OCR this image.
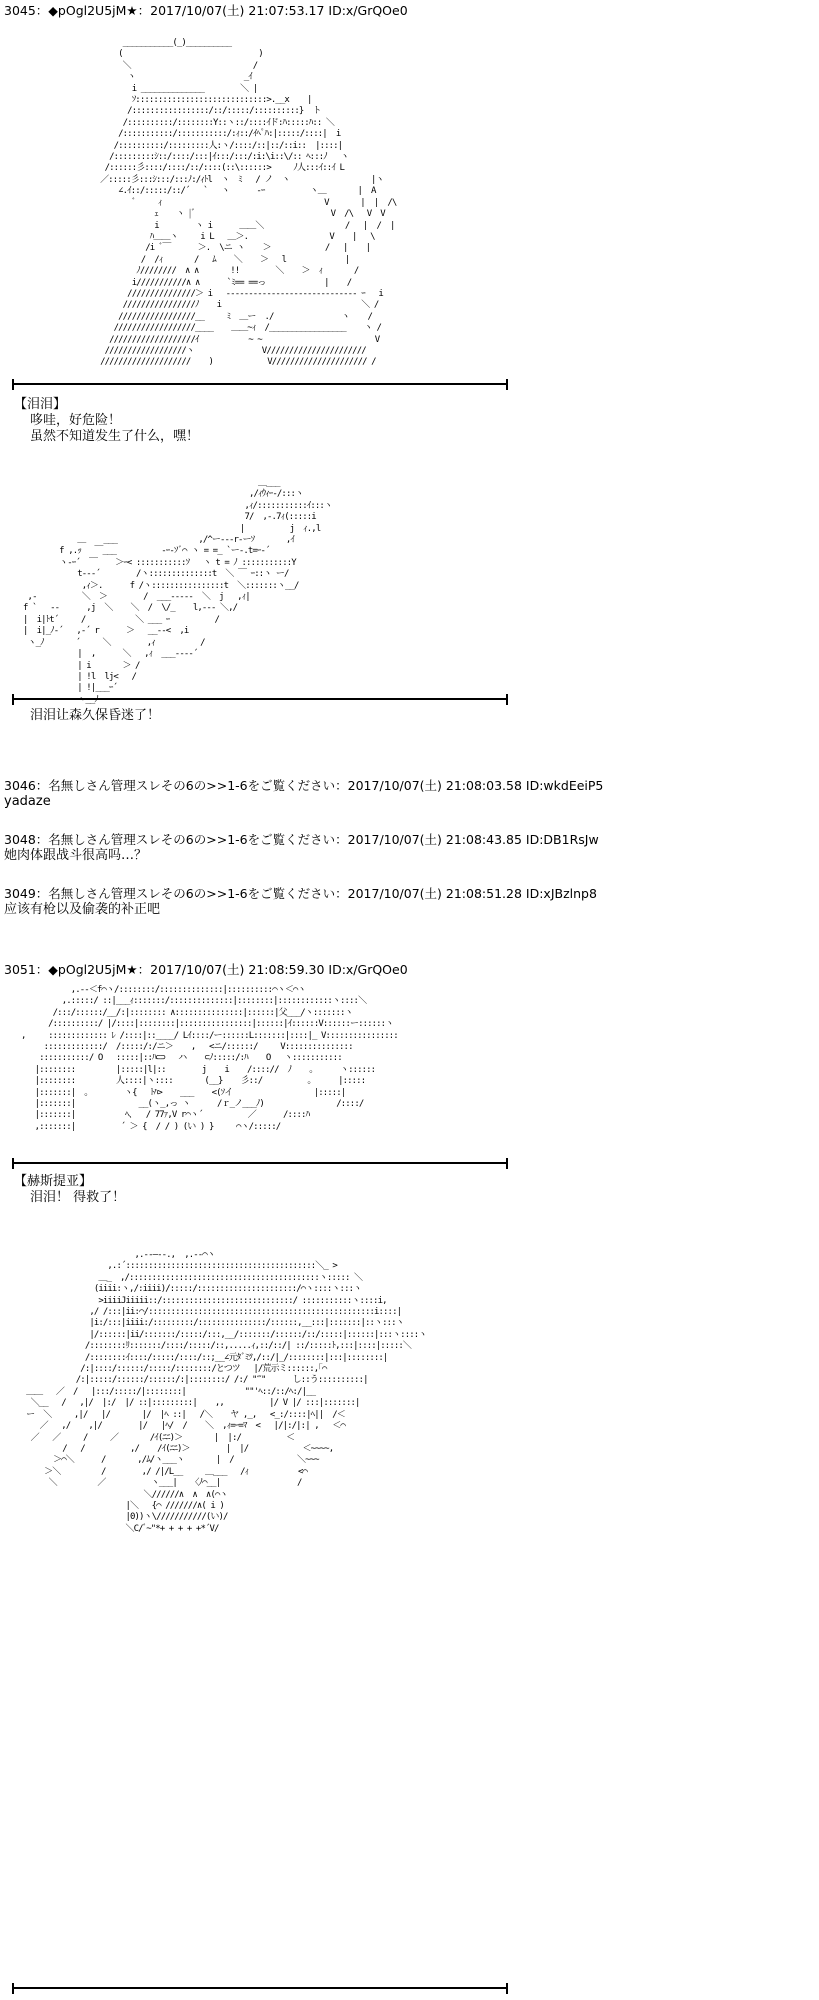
3045：◆pOgl2U5jM★：2017/10/07(土) 21:07:53.17 ID:x/GrQOe0
___________(_)__________
(                              )
＼                           /
ヽ                        _ｲ
i ______________        ＼ |
ｿ:::::::::::::::::::::::::::::>.__x    |
/:::::::::::::::::/::/:::::/::::::::::}  ト
/::::::::::/::::::::Y::ヽ::/::::ｲド:ﾊ:::::ﾊ:: ＼
/:::::::::::/:::::::::::/:ｨ::/ｲﾍﾟﾊ:|:::::/::::|  i
/::::::::::/:::::::::人:ヽ/::::/::|::/::i::  |::::|
/:::::::::ｼ::/::::/:::|ｲ:::/:::/:i:\i::\/:: ﾍ:::ﾉ   ヽ
/::::::彡::::/::::/::/::::(::\::::::>     ﾉ人:::ｲ::ｲ L
／:::::彡:::ｼ:::/:::ﾉ:/ｨﾄl  ヽ  ﾐ   / ノ  ヽ                  |ヽ
∠.ｲ::/:::::/::/´   `   ヽ      -ｰ          ヽ＿       |  A
ﾞ     ｨ                                    V       |  |  /\
ｪ    ヽ |ﾞ                              V  /\   V  V
i        ヽ i      ＿＿＼                  /   |  /  |
ﾊ＿＿ヽ     i L   ＿＞.                  V    |   \
/i ﾞ￣      ＞.  \ニ ヽ    ＞            /   |    |
/  /ｨ       /   ﾑ    ＼    ＞   l             |
ﾉ////////  ∧ ∧       !!        ＼    ＞  ｨ       /
i///////////∧ ∧      `ﾐ== ==っ             |    /
///////////////＞ i   ----------------------------- ｰ   i
////////////////ﾉ    i                               ＼ /
/////////////////__     ﾐ  ＿ー  ./               ヽ    /
//////////////////____    ＿＿~ｨ  /_________________    ヽ /
///////////////////ｲ           ~ ~                         V
//////////////////ヽ               V//////////////////////
////////////////////    )            V///////////////////// /
【泪泪】
哆哇，好危险！
虽然不知道发生了什么，嘿！
＿___
,/ｨｳｨｰ-/:::ヽ
,ｨ/:::::::::::ｲ:::ヽ
7/  ,-.7ｨ(:::::i
|          j  ｨ.,l
＿    ___                  ,/^ー---r-ーｿ       ,ｲ
f ,.ｯ   ￣___          -ｰ-ｿﾞ⌒ ヽ = =_ `ー-.t=ｰ-´
ヽ-ｰ´  ￣    ＞ｰ< :::::::::::ｿ   ヽ t = ﾉ :::::::::::Y
t---´        /ヽ::::::::::::::t  ＼ ￣ ｰ::ヽ ー/
,ｨ＞.      f /ヽ::::::::::::::::t  ＼:::::::ヽ__/
,-          ＼  ＞        /  ___-----  ＼  j   ,ｨ|
f `   --      ,j  ＼    ＼  /  \/_    l,--- ＼,/
|  i|ﾄt´     /           ＼ ___ ｰ          /
|  i|_ﾉ-´   ,-´ r      ＞   __--<  ,i
ヽ_ﾉ       ´     ＼        ,ｨ          /
|  ,      ＼   ,ｨ  ___----´
| i       ＞ /
| !l  lj<   /
| !|___ｰ´
ヽ__ﾉ
泪泪让森久保昏迷了！
3046：名無しさん管理スレその6の>>1-6をご覧ください：2017/10/07(土) 21:08:03.58 ID:wkdEeiP5
yadaze
3048：名無しさん管理スレその6の>>1-6をご覧ください：2017/10/07(土) 21:08:43.85 ID:DB1RsJw
她肉体跟战斗很高吗…？
3049：名無しさん管理スレその6の>>1-6をご覧ください：2017/10/07(土) 21:08:51.28 ID:xJBzlnp8
应该有枪以及偷袭的补正吧
3051：◆pOgl2U5jM★：2017/10/07(土) 21:08:59.30 ID:x/GrQOe0
,.--＜f⌒ヽ/::::::::/::::::::::::::|::::::::::⌒ヽ＜⌒ヽ
,.:::::/ ::|___ｨ:::::::/::::::::::::::|::::::::|::::::::::::ヽ::::＼
/:::/::::::/__/:|:::::::: ∧:::::::::::::::|::::::|父___/ヽ:::::::ヽ
/::::::::::/ |/::::|::::::::|::::::::::::::::|::::::|ｲ::::::V::::::ー::::::ヽ
,     ::::::::::::: ﾚ /::::|::____/ Lｲ::::/ー::::::L:::::::|::::|_ V::::::::::::::::
:::::::::::::/  /:::::/:/ニ＞    ,   <ニ/::::::/     V:::::::::::::::
:::::::::::/ O   :::::|::ﾊ⊂⊃   ハ    ⊂ﾉ:::::/:ﾊ    O   ヽ:::::::::::
|::::::::         |:::::|l|::        j    i    /:::://  ﾉ    。     ヽ::::::
|::::::::         人::::|ヽ::::       (__}    彡::/          。     |:::::
|:::::::|  。       ヽ{   ﾄﾊ>    ___    <(ｿイ                  |:::::|
|:::::::|              __(ヽ_,っ ヽ      /ｒ_ノ___ﾉ)                /::::/
|:::::::|           ﾍ、  / 77ｧ,V r⌒ヽ´          ／      /::::ﾊ
,:::::::|          ´ ＞ {  / / ) (い ) }     ⌒ヽ/:::::/
【赫斯提亚】
泪泪！ 得救了！
,.--―--.,  ,.--⌒ヽ
,.:´::::::::::::::::::::::::::::::::::::::::::＼_ >
＿_  ,/::::::::::::::::::::::::::::::::::::::::::ヽ::::: ＼
(iiii:ヽ,/:iiii)/:::::/::::::::::::::::::::::/⌒ヽ::::ヽ:::ヽ
>iiiiJiiiii::/:::::::::::::::::::::::::::::/ :::::::::::ヽ::::i,
,/ /:::|ii:⌒/::::::::::::::::::::::::::::::::::::::::::::::::::i::::|
|i:/:::|iiii:/:::::::::/:::::::::::::::/::::::,__:::|:::::::|::ヽ:::ヽ
|/::::::|ii/:::::::/:::::/:::,__/:::::::/::::::/::/:::::|::::::|:::ヽ::::ヽ
/::::::::ﾘ:::::::/::::/:::::/::,.....ｨ,::/::/| ::/:::::ﾄ,:::|::::|:::::＼
/::::::::ｲ::::/:::::/::::/::;__∠元ﾀﾞﾐﾂ,/::/|_/::::::::|:::|::::::::|
/:|::::/::::::/:::::/::::::::/とつツ   |/荒示ミ::::::,｢⌒
/:|:::::/::::::/::::::/:|::::::::/ /:/ "‴"      し::う::::::::::|
＿＿   ／  /   |:::/:::::/|::::::::|             ""'ﾍ::/::/ﾍ:/|__
＼__   /   ,|/  |:/  |/ ::|:::::::::|    ,,          |/ V |/ :::|:::::::|
ー  ＼     ,|/   |/       |/  |ﾍ ::|   /＼    ヤ ,_,   <_:/::::|ﾍ||  /＜
／   ,/    ,|/        |/   |ﾍ/  /    ＼  ,ｨ=ｰ=ﾏ  <   |/|:/|:| ,   ＜⌒
／   ／     /     ／       /ｲ(ﾆﾆ)＞       |  |:/          ＜
/   /          ,/    /ｲ(ﾆﾆ)＞        |  |/            ＜~~~~,
＞⌒＼      /       ,/ﾑ/ヽ___ヽ       |  /              ＼~~~
＞＼         /        ,/ /|/L__     ＿___   /ｨ           <⌒
＼         ／          ヽ___|   〈ﾉ⌒__|                 /
＼//////∧  ∧  ∧(⌒ヽ
|＼   {⌒ ///////∧( i )
|0))ヽ\///////////(い)/
＼C/ﾞ~"*+ + + + +*´V/
